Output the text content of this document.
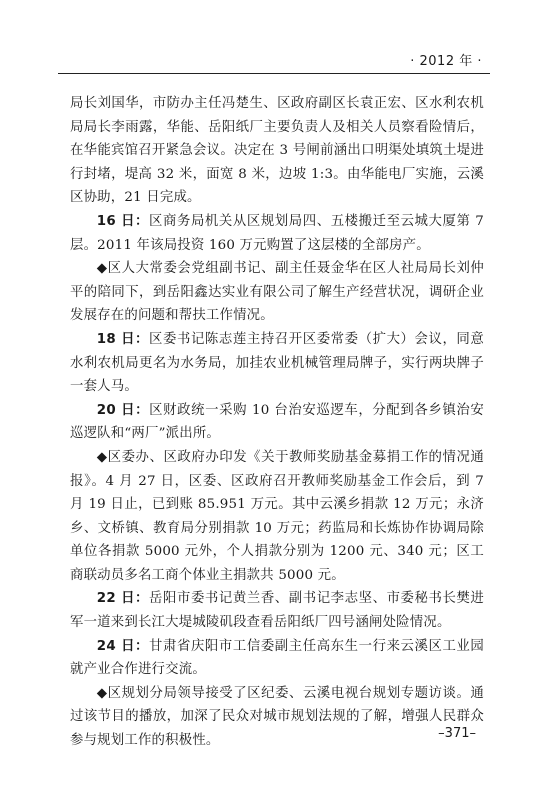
· 2012 年 ·

局长刘国华，市防办主任冯楚生、区政府副区长袁正宏、区水利农机局局长李雨露，华能、岳阳纸厂主要负责人及相关人员察看险情后，在华能宾馆召开紧急会议。决定在 3 号闸前涵出口明渠处填筑土堤进行封堵，堤高 32 米，面宽 8 米，边坡 1:3。由华能电厂实施，云溪区协助，21 日完成。

16 日：区商务局机关从区规划局四、五楼搬迁至云城大厦第 7 层。2011 年该局投资 160 万元购置了这层楼的全部房产。

◆区人大常委会党组副书记、副主任聂金华在区人社局局长刘仲平的陪同下，到岳阳鑫达实业有限公司了解生产经营状况，调研企业发展存在的问题和帮扶工作情况。

18 日：区委书记陈志莲主持召开区委常委（扩大）会议，同意水利农机局更名为水务局，加挂农业机械管理局牌子，实行两块牌子一套人马。

20 日：区财政统一采购 10 台治安巡逻车，分配到各乡镇治安巡逻队和“两厂”派出所。

◆区委办、区政府办印发《关于教师奖励基金募捐工作的情况通报》。4 月 27 日，区委、区政府召开教师奖励基金工作会后，到 7 月 19 日止，已到账 85.951 万元。其中云溪乡捐款 12 万元；永济乡、文桥镇、教育局分别捐款 10 万元；药监局和长炼协作协调局除单位各捐款 5000 元外，个人捐款分别为 1200 元、340 元；区工商联动员多名工商个体业主捐款共 5000 元。

22 日：岳阳市委书记黄兰香、副书记李志坚、市委秘书长樊进军一道来到长江大堤城陵矶段查看岳阳纸厂四号涵闸处险情况。

24 日：甘肃省庆阳市工信委副主任高东生一行来云溪区工业园就产业合作进行交流。

◆区规划分局领导接受了区纪委、云溪电视台规划专题访谈。通过该节目的播放，加深了民众对城市规划法规的了解，增强人民群众参与规划工作的积极性。	–371–
